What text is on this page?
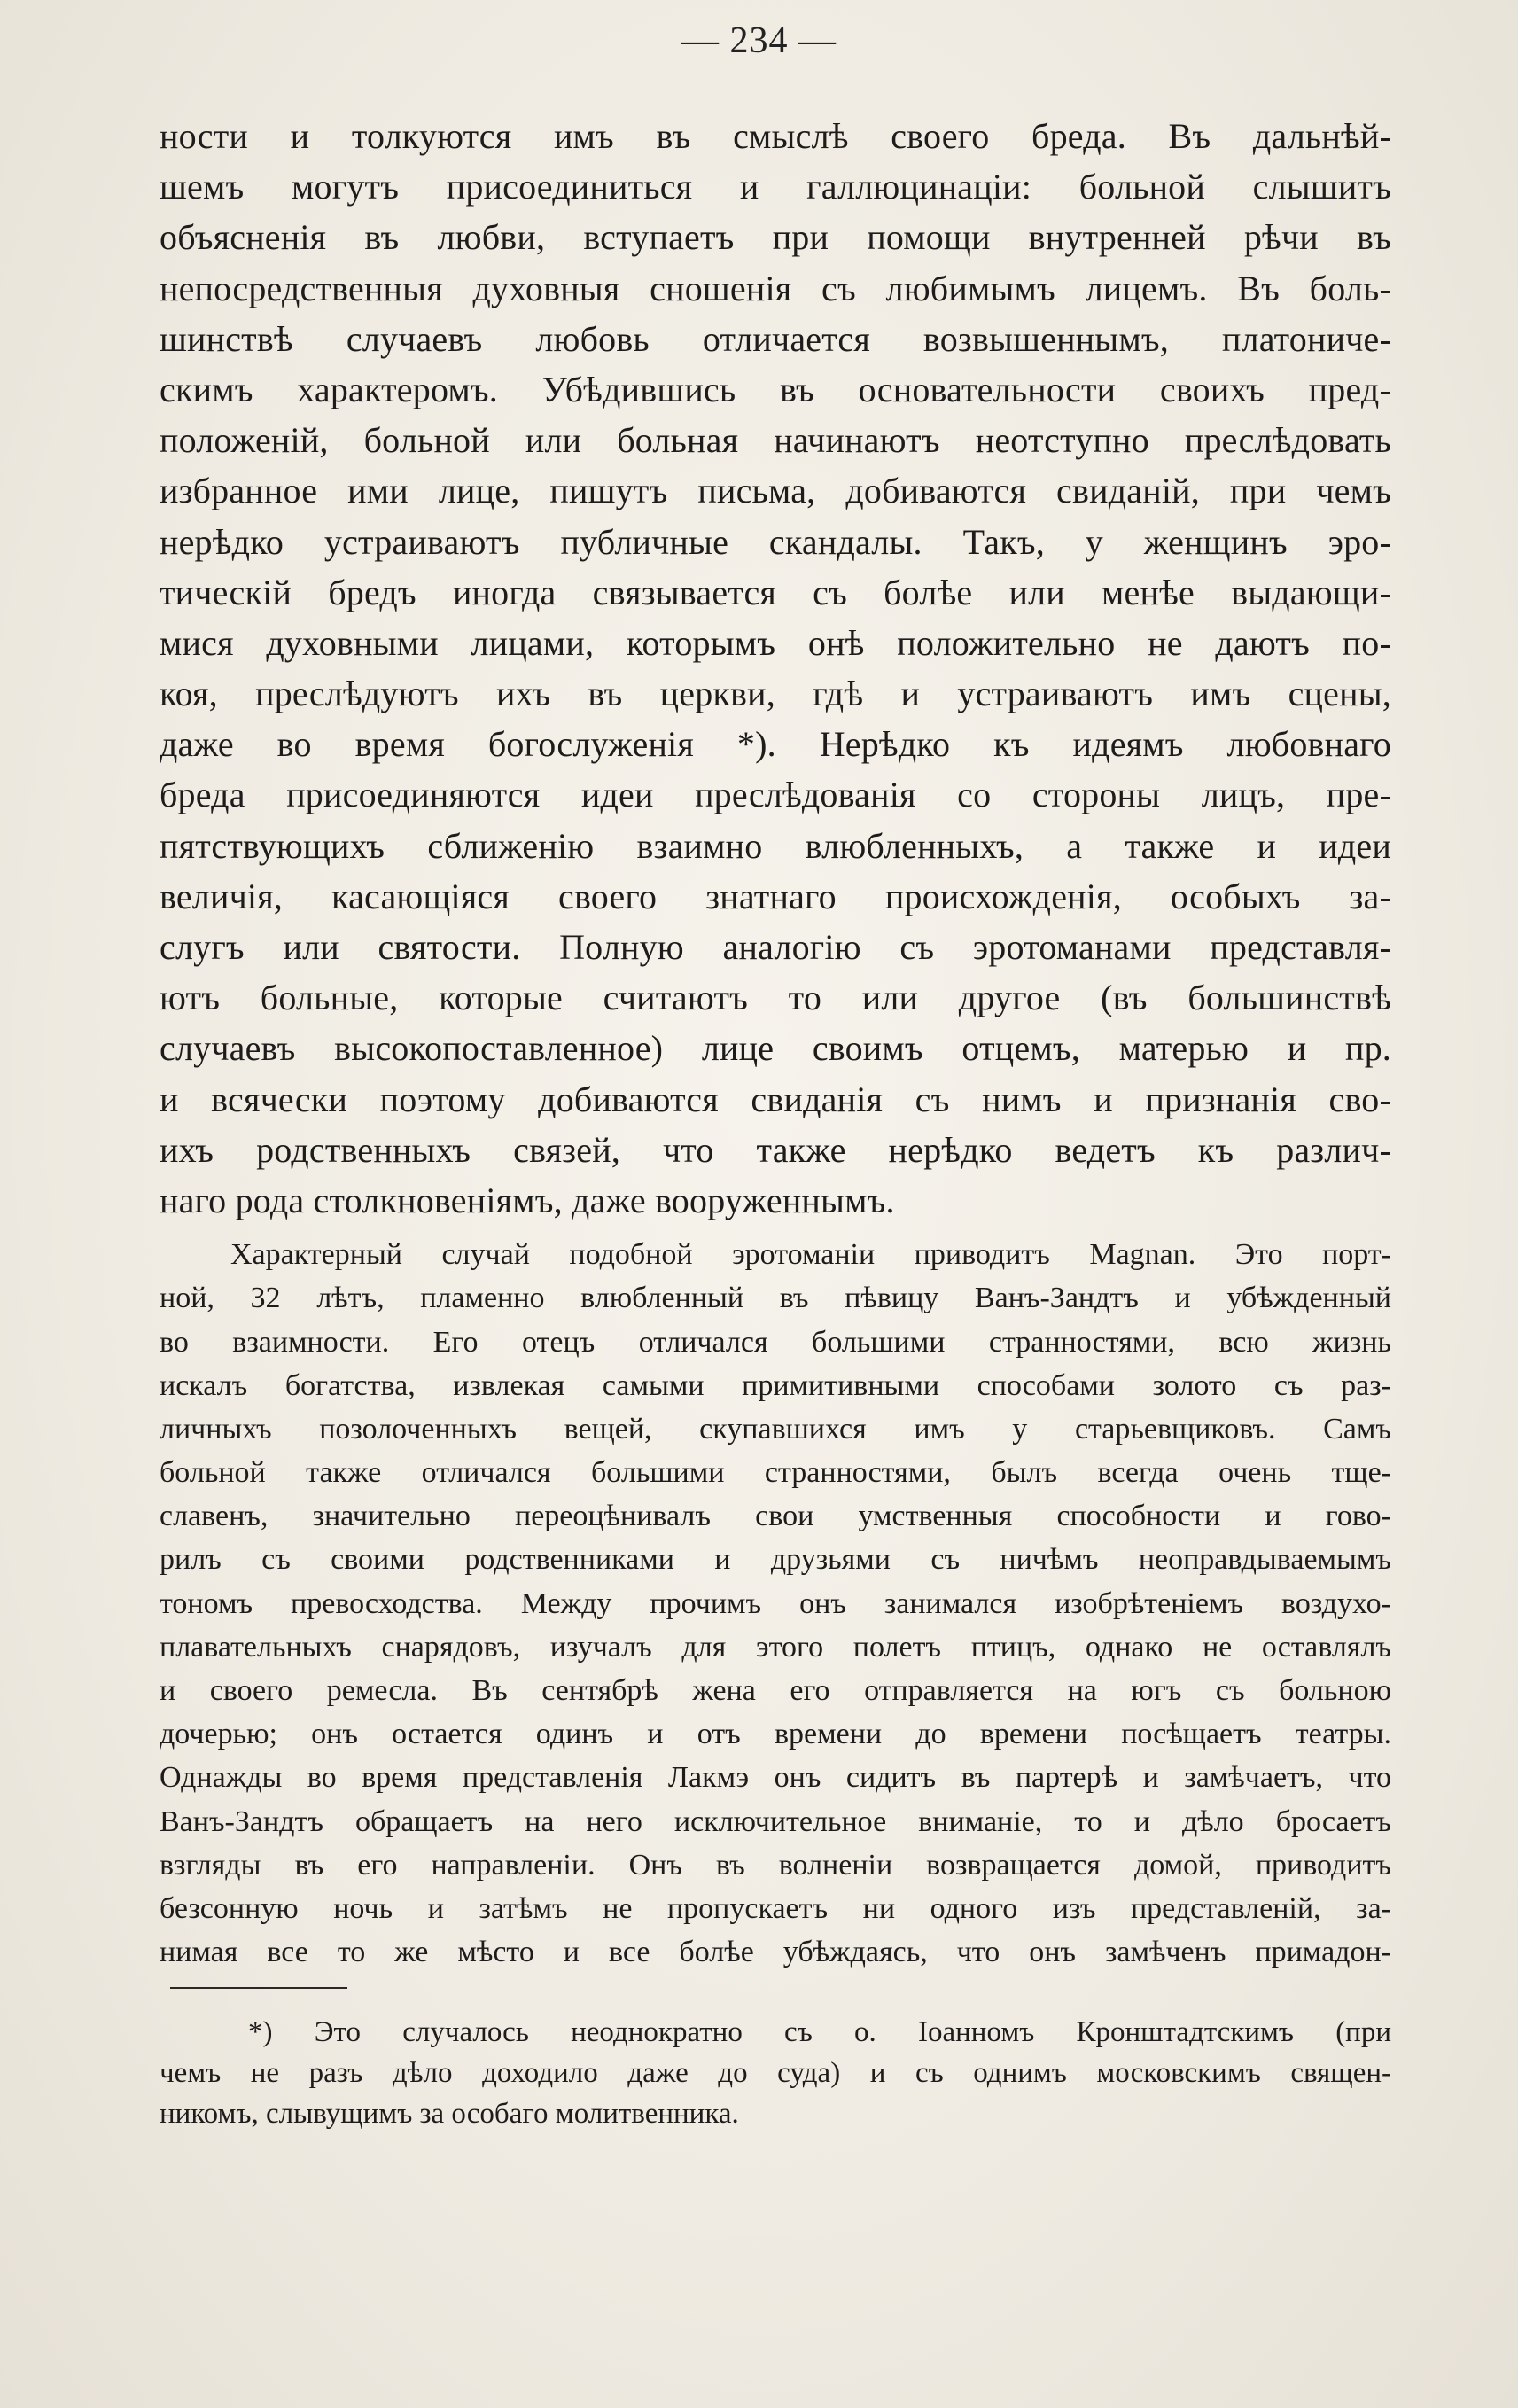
— 234 —
ности и толкуются имъ въ смыслѣ своего бреда. Въ дальнѣй-
шемъ могутъ присоединиться и галлюцинаціи: больной слышитъ
объясненія въ любви, вступаетъ при помощи внутренней рѣчи въ
непосредственныя духовныя сношенія съ любимымъ лицемъ. Въ боль-
шинствѣ случаевъ любовь отличается возвышеннымъ, платониче-
скимъ характеромъ. Убѣдившись въ основательности своихъ пред-
положеній, больной или больная начинаютъ неотступно преслѣдовать
избранное ими лице, пишутъ письма, добиваются свиданій, при чемъ
нерѣдко устраиваютъ публичные скандалы. Такъ, у женщинъ эро-
тическій бредъ иногда связывается съ болѣе или менѣе выдающи-
мися духовными лицами, которымъ онѣ положительно не даютъ по-
коя, преслѣдуютъ ихъ въ церкви, гдѣ и устраиваютъ имъ сцены,
даже во время богослуженія *). Нерѣдко къ идеямъ любовнаго
бреда присоединяются идеи преслѣдованія со стороны лицъ, пре-
пятствующихъ сближенію взаимно влюбленныхъ, а также и идеи
величія, касающіяся своего знатнаго происхожденія, особыхъ за-
слугъ или святости. Полную аналогію съ эротоманами представля-
ютъ больные, которые считаютъ то или другое (въ большинствѣ
случаевъ высокопоставленное) лице своимъ отцемъ, матерью и пр.
и всячески поэтому добиваются свиданія съ нимъ и признанія сво-
ихъ родственныхъ связей, что также нерѣдко ведетъ къ различ-
наго рода столкновеніямъ, даже вооруженнымъ.
Характерный случай подобной эротоманіи приводитъ Magnan. Это порт-
ной, 32 лѣтъ, пламенно влюбленный въ пѣвицу Ванъ-Зандтъ и убѣжденный
во взаимности. Его отецъ отличался большими странностями, всю жизнь
искалъ богатства, извлекая самыми примитивными способами золото съ раз-
личныхъ позолоченныхъ вещей, скупавшихся имъ у старьевщиковъ. Самъ
больной также отличался большими странностями, былъ всегда очень тще-
славенъ, значительно переоцѣнивалъ свои умственныя способности и гово-
рилъ съ своими родственниками и друзьями съ ничѣмъ неоправдываемымъ
тономъ превосходства. Между прочимъ онъ занимался изобрѣтеніемъ воздухо-
плавательныхъ снарядовъ, изучалъ для этого полетъ птицъ, однако не оставлялъ
и своего ремесла. Въ сентябрѣ жена его отправляется на югъ съ больною
дочерью; онъ остается одинъ и отъ времени до времени посѣщаетъ театры.
Однажды во время представленія Лакмэ онъ сидитъ въ партерѣ и замѣчаетъ, что
Ванъ-Зандтъ обращаетъ на него исключительное вниманіе, то и дѣло бросаетъ
взгляды въ его направленіи. Онъ въ волненіи возвращается домой, приводитъ
безсонную ночь и затѣмъ не пропускаетъ ни одного изъ представленій, за-
нимая все то же мѣсто и все болѣе убѣждаясь, что онъ замѣченъ примадон-
*) Это случалось неоднократно съ о. Іоанномъ Кронштадтскимъ (при
чемъ не разъ дѣло доходило даже до суда) и съ однимъ московскимъ священ-
никомъ, слывущимъ за особаго молитвенника.
